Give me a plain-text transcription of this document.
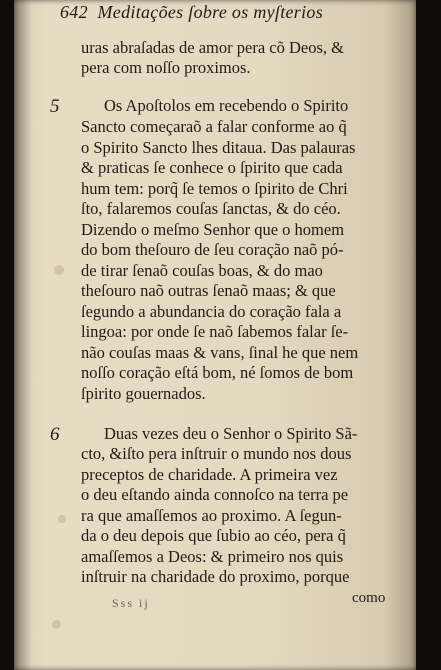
642 Meditações ſobre os myſterios
uras abraſadas de amor pera cõ Deos, &
pera com noſſo proximos.
5	Os Apoſtolos em recebendo o Spirito
Sancto começaraõ a falar conforme ao q̃
o Spirito Sancto lhes ditaua. Das palauras
& praticas ſe conhece o ſpirito que cada
hum tem: porq̃ ſe temos o ſpirito de Chri
ſto, falaremos couſas ſanctas, & do céo.
Dizendo o meſmo Senhor que o homem
do bom theſouro de ſeu coração naõ pó-
de tirar ſenaõ couſas boas, & do mao
theſouro naõ outras ſenaõ maas; & que
ſegundo a abundancia do coração fala a
lingoa: por onde ſe naõ ſabemos falar ſe-
não couſas maas & vans, ſinal he que nem
noſſo coração eſtá bom, né ſomos de bom
ſpirito gouernados.
6	Duas vezes deu o Senhor o Spirito Sã-
cto, &iſto pera inſtruir o mundo nos dous
preceptos de charidade. A primeira vez
o deu eſtando ainda connoſco na terra pe
ra que amaſſemos ao proximo. A ſegun-
da o deu depois que ſubio ao céo, pera q̃
amaſſemos a Deos: & primeiro nos quis
inſtruir na charidade do proximo, porque
Sss ij	como
